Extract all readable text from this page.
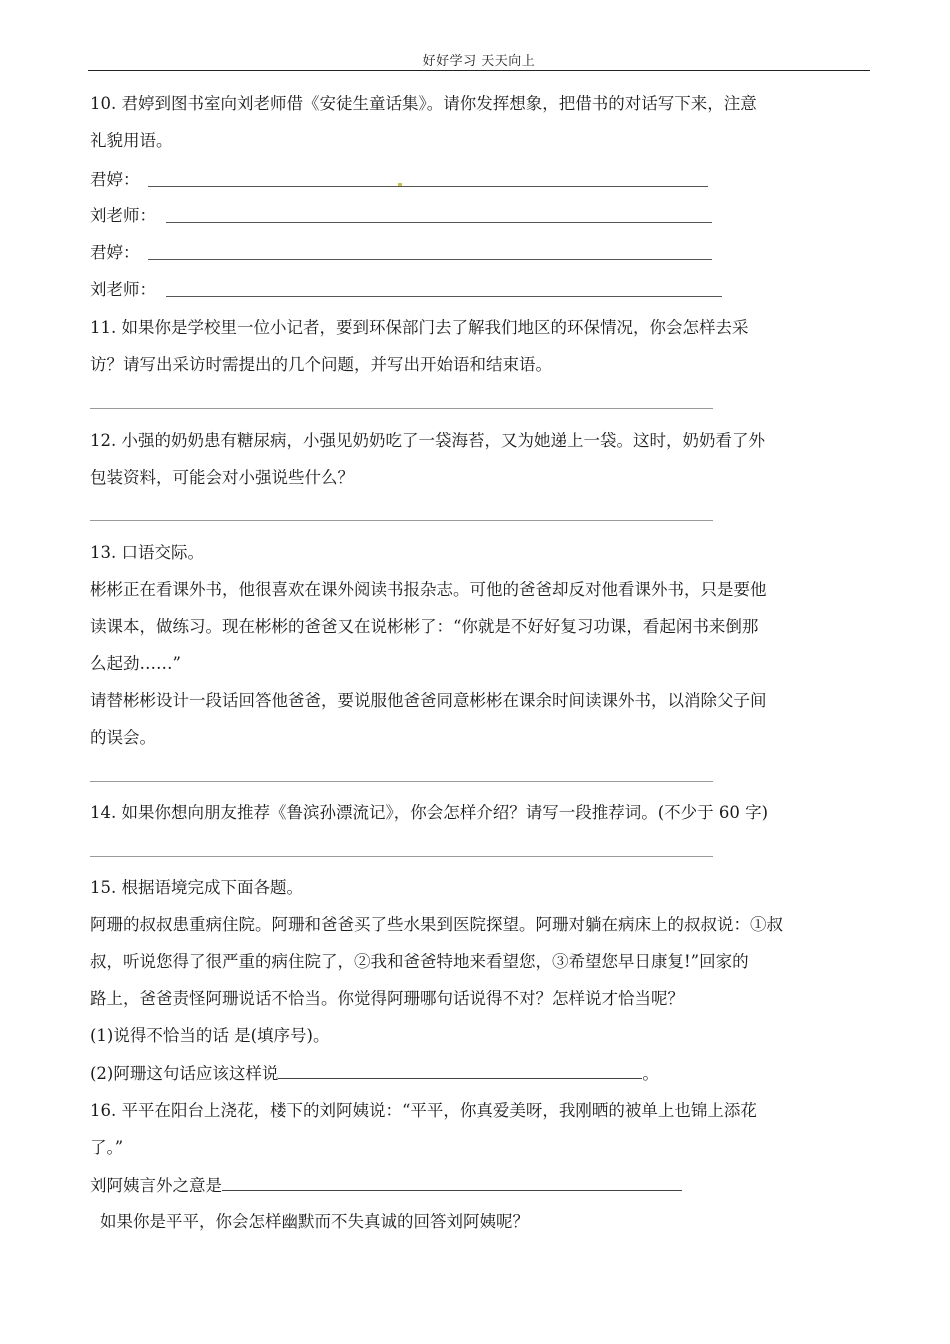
好好学习 天天向上
10. 君婷到图书室向刘老师借《安徒生童话集》。请你发挥想象，把借书的对话写下来，注意
礼貌用语。
君婷：
刘老师：
君婷：
刘老师：
11. 如果你是学校里一位小记者，要到环保部门去了解我们地区的环保情况，你会怎样去采
访？请写出采访时需提出的几个问题，并写出开始语和结束语。
12. 小强的奶奶患有糖尿病，小强见奶奶吃了一袋海苔，又为她递上一袋。这时，奶奶看了外
包装资料，可能会对小强说些什么？
13. 口语交际。
彬彬正在看课外书，他很喜欢在课外阅读书报杂志。可他的爸爸却反对他看课外书，只是要他
读课本，做练习。现在彬彬的爸爸又在说彬彬了：“你就是不好好复习功课，看起闲书来倒那
么起劲……”
请替彬彬设计一段话回答他爸爸，要说服他爸爸同意彬彬在课余时间读课外书，以消除父子间
的误会。
14. 如果你想向朋友推荐《鲁滨孙漂流记》，你会怎样介绍？请写一段推荐词。(不少于 60 字)
15. 根据语境完成下面各题。
阿珊的叔叔患重病住院。阿珊和爸爸买了些水果到医院探望。阿珊对躺在病床上的叔叔说：①叔
叔，听说您得了很严重的病住院了，②我和爸爸特地来看望您，③希望您早日康复!”回家的
路上，爸爸责怪阿珊说话不恰当。你觉得阿珊哪句话说得不对？怎样说才恰当呢？
(1)说得不恰当的话 是(填序号)。
(2)阿珊这句话应该这样说	。
16. 平平在阳台上浇花，楼下的刘阿姨说：“平平，你真爱美呀，我刚晒的被单上也锦上添花
了。”
刘阿姨言外之意是
如果你是平平，你会怎样幽默而不失真诚的回答刘阿姨呢？
